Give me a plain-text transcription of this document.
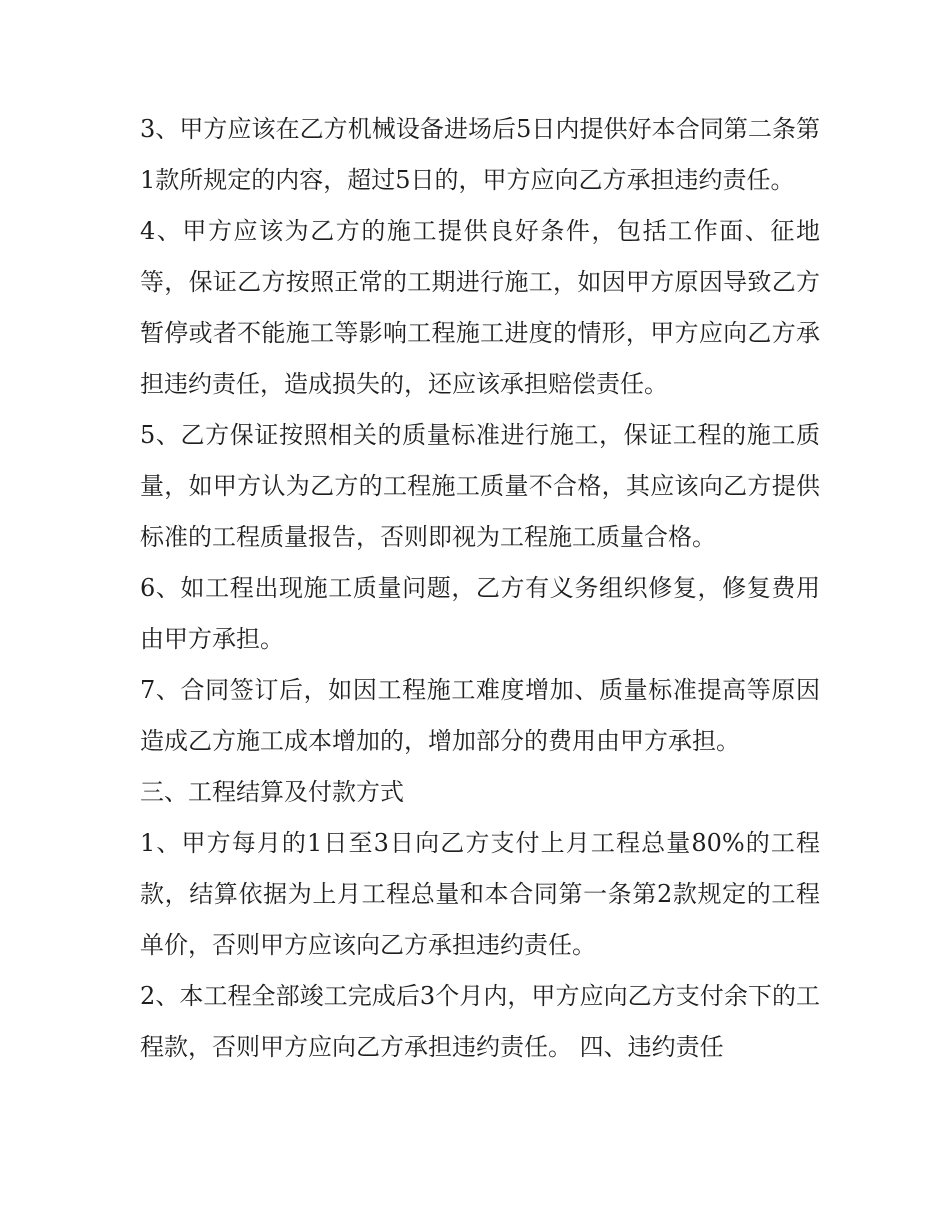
3、甲方应该在乙方机械设备进场后5日内提供好本合同第二条第1款所规定的内容，超过5日的，甲方应向乙方承担违约责任。

4、甲方应该为乙方的施工提供良好条件，包括工作面、征地等，保证乙方按照正常的工期进行施工，如因甲方原因导致乙方暂停或者不能施工等影响工程施工进度的情形，甲方应向乙方承担违约责任，造成损失的，还应该承担赔偿责任。

5、乙方保证按照相关的质量标准进行施工，保证工程的施工质量，如甲方认为乙方的工程施工质量不合格，其应该向乙方提供标准的工程质量报告，否则即视为工程施工质量合格。

6、如工程出现施工质量问题，乙方有义务组织修复，修复费用由甲方承担。

7、合同签订后，如因工程施工难度增加、质量标准提高等原因造成乙方施工成本增加的，增加部分的费用由甲方承担。

三、工程结算及付款方式

1、甲方每月的1日至3日向乙方支付上月工程总量80%的工程款，结算依据为上月工程总量和本合同第一条第2款规定的工程单价，否则甲方应该向乙方承担违约责任。

2、本工程全部竣工完成后3个月内，甲方应向乙方支付余下的工程款，否则甲方应向乙方承担违约责任。 四、违约责任
